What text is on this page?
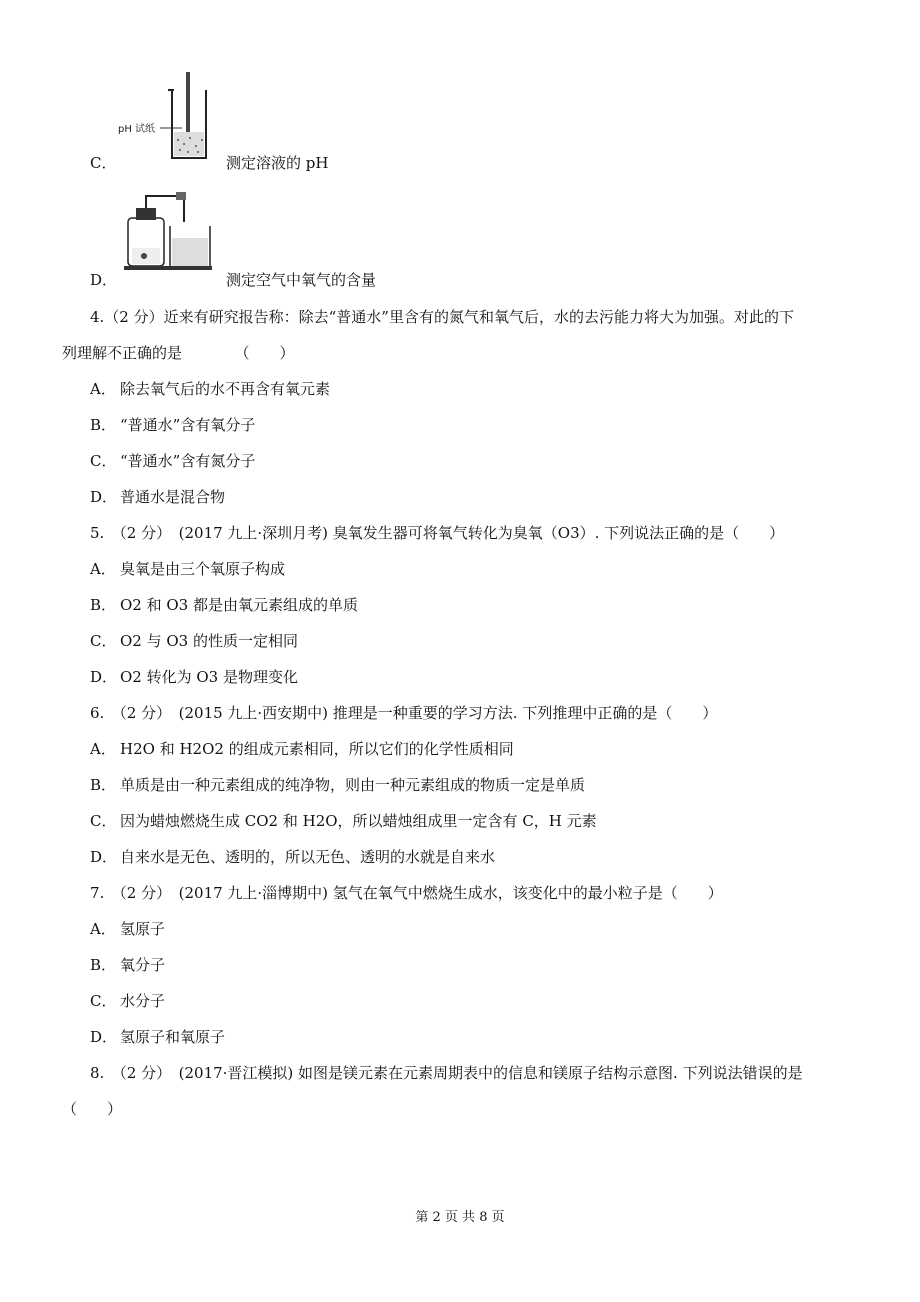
pH 试纸
C．	测定溶液的 pH
D．	测定空气中氧气的含量
4.（2 分）近来有研究报告称：除去“普通水”里含有的氮气和氧气后，水的去污能力将大为加强。对此的下
列理解不正确的是　　　　（　　）
A． 除去氧气后的水不再含有氧元素
B． “普通水”含有氧分子
C． “普通水”含有氮分子
D． 普通水是混合物
5.　（2 分）　(2017 九上·深圳月考) 臭氧发生器可将氧气转化为臭氧（O3）. 下列说法正确的是（　　）
A． 臭氧是由三个氧原子构成
B． O2 和 O3 都是由氧元素组成的单质
C． O2 与 O3 的性质一定相同
D． O2 转化为 O3 是物理变化
6.　（2 分）　(2015 九上·西安期中) 推理是一种重要的学习方法. 下列推理中正确的是（　　）
A． H2O 和 H2O2 的组成元素相同，所以它们的化学性质相同
B． 单质是由一种元素组成的纯净物，则由一种元素组成的物质一定是单质
C． 因为蜡烛燃烧生成 CO2 和 H2O，所以蜡烛组成里一定含有 C，H 元素
D． 自来水是无色、透明的，所以无色、透明的水就是自来水
7.　（2 分）　(2017 九上·淄博期中) 氢气在氧气中燃烧生成水，该变化中的最小粒子是（　　）
A． 氢原子
B． 氧分子
C． 水分子
D． 氢原子和氧原子
8.　（2 分）　(2017·晋江模拟) 如图是镁元素在元素周期表中的信息和镁原子结构示意图. 下列说法错误的是
（　　）
第 2 页 共 8 页
